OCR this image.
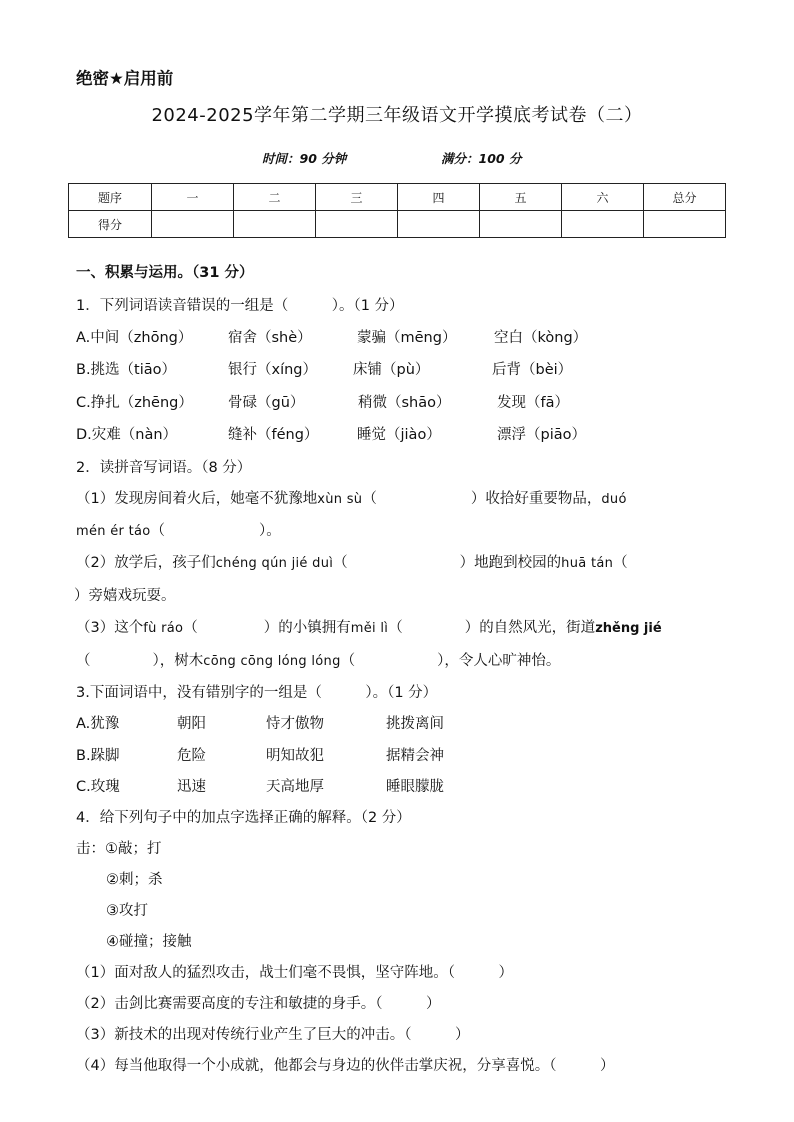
绝密★启用前
2024-2025学年第二学期三年级语文开学摸底考试卷（二）
时间：90 分钟	满分：100 分
题序	一	二	三	四	五	六	总分
得分							
一、积累与运用。（31 分）
1．下列词语读音错误的一组是（　　　）。（1 分）
A.中间（zhōng） 宿舍（shè）	蒙骗（mēng）	空白（kòng）
B.挑选（tiāo）	银行（xíng） 床铺（pù）	后背（bèi）
C.挣扎（zhēng） 骨碌（gū）	稍微（shāo）	发现（fā）
D.灾难（nàn）	缝补（féng）	睡觉（jiào）	漂浮（piāo）
2．读拼音写词语。（8 分）
（1）发现房间着火后，她毫不犹豫地xùn sù（	）收拾好重要物品，duó
mén ér táo（	）。
（2）放学后，孩子们chéng qún jié duì（	）地跑到校园的huā tán（
）旁嬉戏玩耍。
（3）这个fù ráo（	）的小镇拥有měi lì（	）的自然风光，街道zhěng jié
（	），树木cōng cōng lóng lóng（	），令人心旷神怡。
3.下面词语中，没有错别字的一组是（　　　）。（1 分）
A.犹豫	朝阳	恃才傲物	挑拨离间
B.跺脚	危险	明知故犯	据精会神
C.玫瑰	迅速	天高地厚	睡眼朦胧
4．给下列句子中的加点字选择正确的解释。（2 分）
击：①敲；打
②刺；杀
③攻打
④碰撞；接触
（1）面对敌人的猛烈攻击，战士们毫不畏惧，坚守阵地。（　　　）
（2）击剑比赛需要高度的专注和敏捷的身手。（　　　）
（3）新技术的出现对传统行业产生了巨大的冲击。（　　　）
（4）每当他取得一个小成就，他都会与身边的伙伴击掌庆祝，分享喜悦。（　　　）
